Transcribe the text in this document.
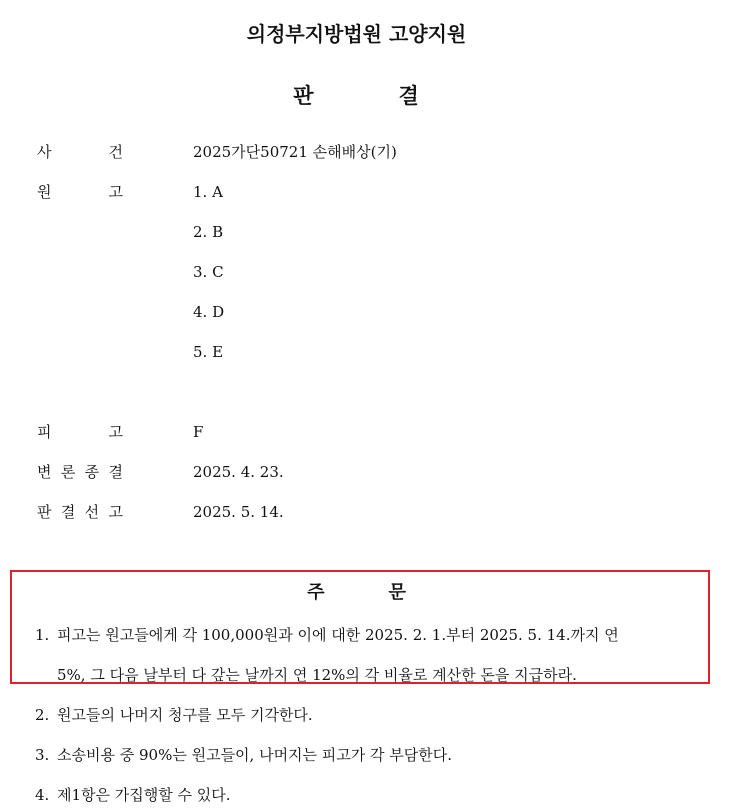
의정부지방법원 고양지원
판	결
사	건	2025가단50721 손해배상(기)
원	고	1. A
2. B
3. C
4. D
5. E
피	고	F
변 론 종 결	2025. 4. 23.
판 결 선 고	2025. 5. 14.
주	문
1. 피고는 원고들에게 각 100,000원과 이에 대한 2025. 2. 1.부터 2025. 5. 14.까지 연
5%, 그 다음 날부터 다 갚는 날까지 연 12%의 각 비율로 계산한 돈을 지급하라.
2. 원고들의 나머지 청구를 모두 기각한다.
3. 소송비용 중 90%는 원고들이, 나머지는 피고가 각 부담한다.
4. 제1항은 가집행할 수 있다.
